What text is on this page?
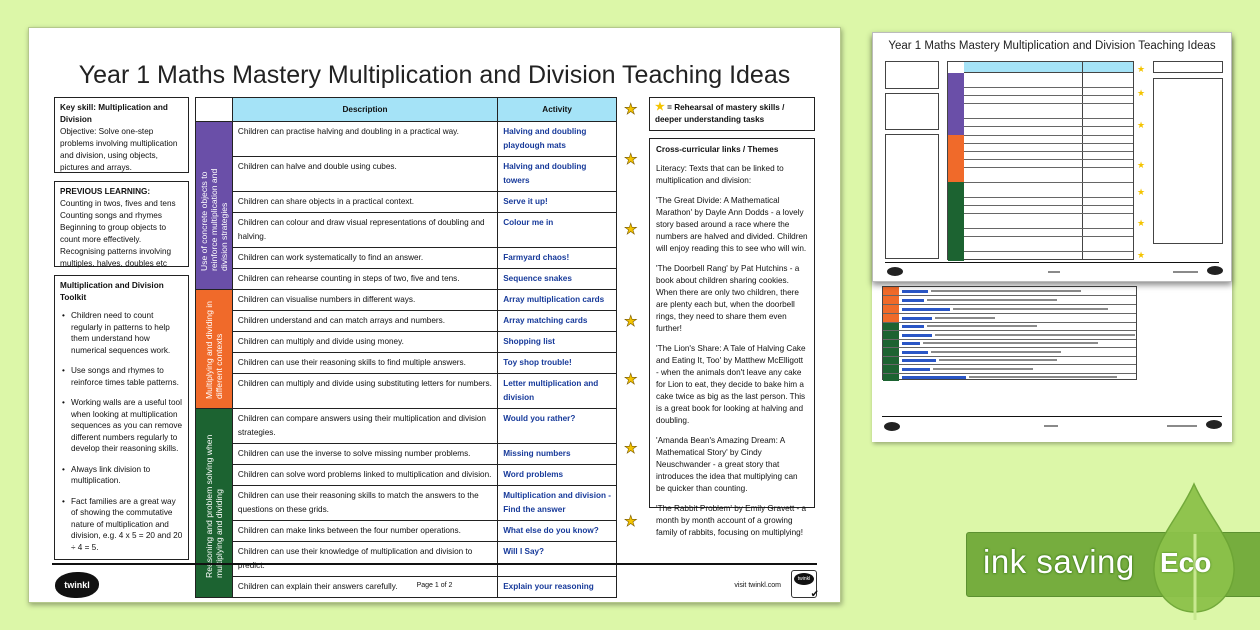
Year 1 Maths Mastery Multiplication and Division Teaching Ideas
Key skill: Multiplication and Division
Objective: Solve one-step problems involving multiplication and division, using objects, pictures and arrays.
PREVIOUS LEARNING:
Counting in twos, fives and tens
Counting songs and rhymes
Beginning to group objects to count more effectively.
Recognising patterns involving multiples, halves, doubles etc
Multiplication and Division Toolkit
• Children need to count regularly in patterns to help them understand how numerical sequences work.
• Use songs and rhymes to reinforce times table patterns.
• Working walls are a useful tool when looking at multiplication sequences as you can remove different numbers regularly to develop their reasoning skills.
• Always link division to multiplication.
• Fact families are a great way of showing the commutative nature of multiplication and division, e.g. 4 x 5 = 20 and 20 ÷ 4 = 5.
	Description	Activity

Use of concrete objects to reinforce multiplication and division strategies	Children can practise halving and doubling in a practical way.	Halving and doubling playdough mats
	Children can halve and double using cubes.	Halving and doubling towers
	Children can share objects in a practical context.	Serve it up!
	Children can colour and draw visual representations of doubling and halving.	Colour me in
	Children can work systematically to find an answer.	Farmyard chaos!
	Children can rehearse counting in steps of two, five and tens.	Sequence snakes

Multiplying and dividing in different contexts	Children can visualise numbers in different ways.	Array multiplication cards
	Children understand and can match arrays and numbers.	Array matching cards
	Children can multiply and divide using money.	Shopping list
	Children can use their reasoning skills to find multiple answers.	Toy shop trouble!
	Children can multiply and divide using substituting letters for numbers.	Letter multiplication and division

Reasoning and problem solving when multiplying and dividing	Children can compare answers using their multiplication and division strategies.	Would you rather?
	Children can use the inverse to solve missing number problems.	Missing numbers
	Children can solve word problems linked to multiplication and division.	Word problems
	Children can use their reasoning skills to match the answers to the questions on these grids.	Multiplication and division - Find the answer
	Children can make links between the four number operations.	What else do you know?
	Children can use their knowledge of multiplication and division to predict.	Will I Say?
	Children can explain their answers carefully.	Explain your reasoning
★
★
★
★
★
★
★
★ = Rehearsal of mastery skills / deeper understanding tasks

Cross-curricular links / Themes

Literacy: Texts that can be linked to multiplication and division:

'The Great Divide: A Mathematical Marathon' by Dayle Ann Dodds - a lovely story based around a race where the numbers are halved and divided. Children will enjoy reading this to see who will win.

'The Doorbell Rang' by Pat Hutchins - a book about children sharing cookies. When there are only two children, there are plenty each but, when the doorbell rings, they need to share them even further!

'The Lion's Share: A Tale of Halving Cake and Eating It, Too' by Matthew McElligott - when the animals don't leave any cake for Lion to eat, they decide to bake him a cake twice as big as the last person. This is a great book for looking at halving and doubling.

'Amanda Bean's Amazing Dream: A Mathematical Story' by Cindy Neuschwander - a great story that introduces the idea that multiplying can be quicker than counting.

'The Rabbit Problem' by Emily Gravett - a month by month account of a growing family of rabbits, focusing on multiplying!

twinkl	Page 1 of 2	visit twinkl.com
twinkl
✔
Year 1 Maths Mastery Multiplication and Division Teaching Ideas
★
★
★
★
★
★
★
ink saving Eco
